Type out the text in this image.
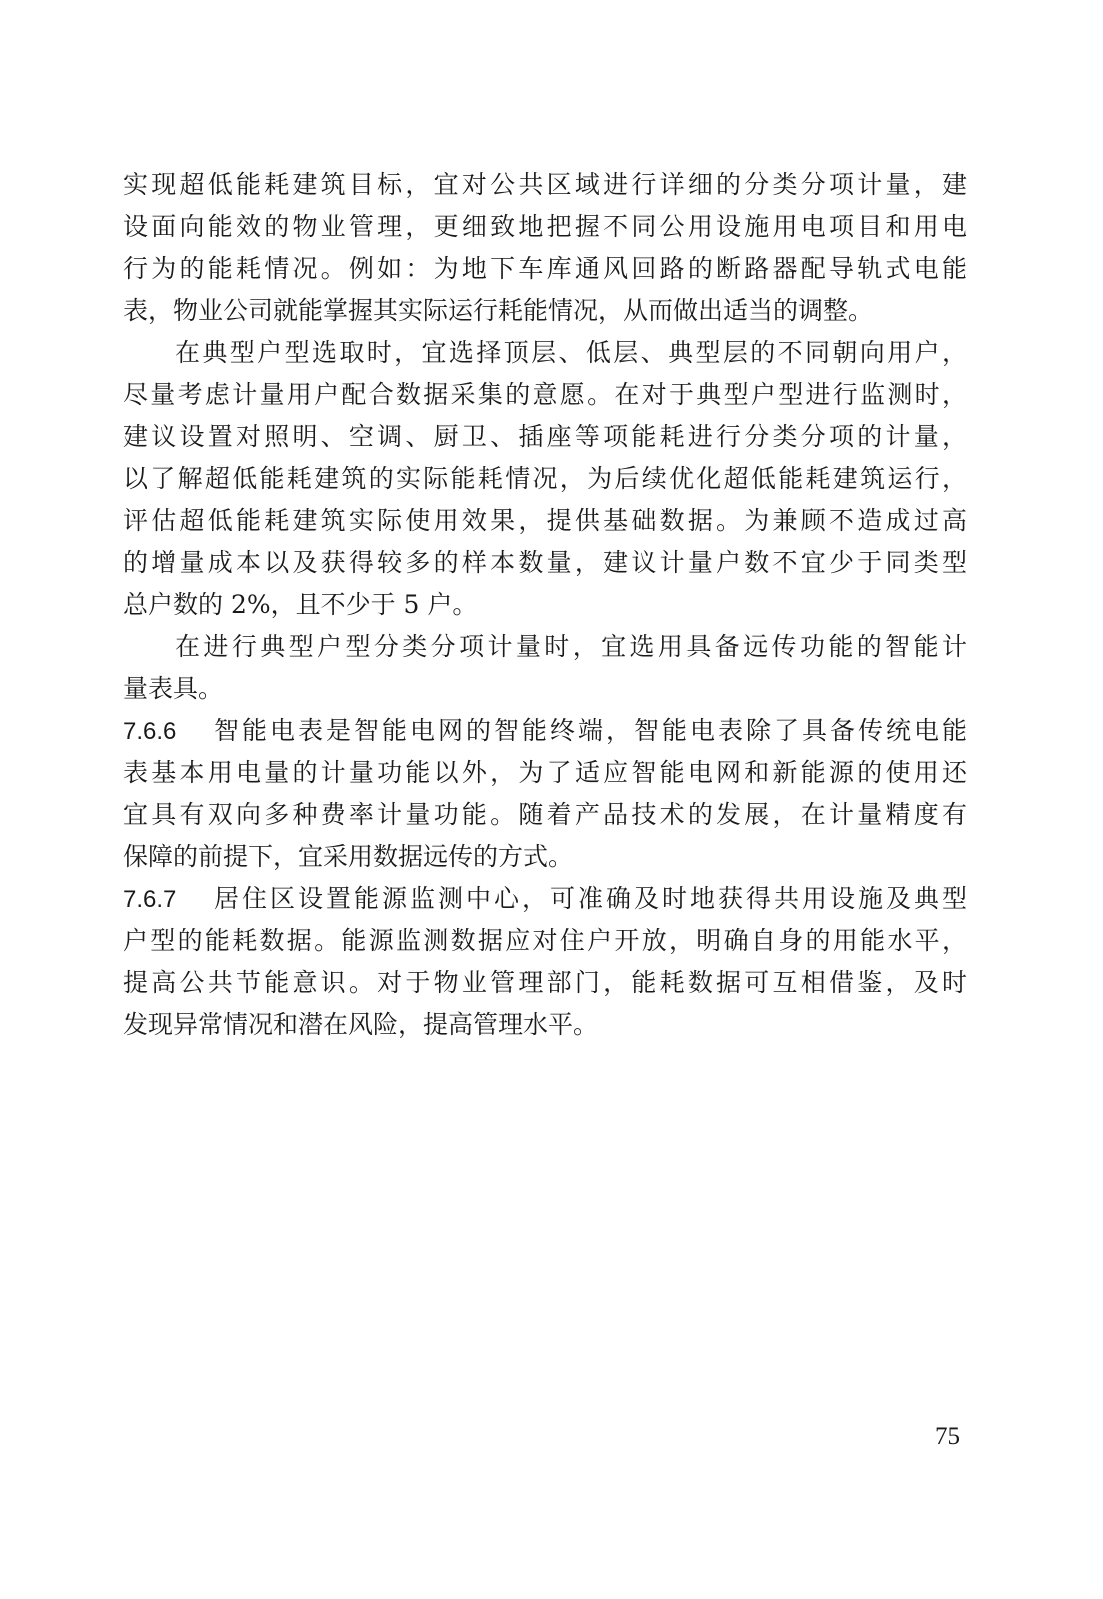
实现超低能耗建筑目标，宜对公共区域进行详细的分类分项计量，建
设面向能效的物业管理，更细致地把握不同公用设施用电项目和用电
行为的能耗情况。例如：为地下车库通风回路的断路器配导轨式电能
表，物业公司就能掌握其实际运行耗能情况，从而做出适当的调整。
在典型户型选取时，宜选择顶层、低层、典型层的不同朝向用户，
尽量考虑计量用户配合数据采集的意愿。在对于典型户型进行监测时，
建议设置对照明、空调、厨卫、插座等项能耗进行分类分项的计量，
以了解超低能耗建筑的实际能耗情况，为后续优化超低能耗建筑运行，
评估超低能耗建筑实际使用效果，提供基础数据。为兼顾不造成过高
的增量成本以及获得较多的样本数量，建议计量户数不宜少于同类型
总户数的 2%，且不少于 5 户。
在进行典型户型分类分项计量时，宜选用具备远传功能的智能计
量表具。
7.6.6 智能电表是智能电网的智能终端，智能电表除了具备传统电能
表基本用电量的计量功能以外，为了适应智能电网和新能源的使用还
宜具有双向多种费率计量功能。随着产品技术的发展，在计量精度有
保障的前提下，宜采用数据远传的方式。
7.6.7 居住区设置能源监测中心，可准确及时地获得共用设施及典型
户型的能耗数据。能源监测数据应对住户开放，明确自身的用能水平，
提高公共节能意识。对于物业管理部门，能耗数据可互相借鉴，及时
发现异常情况和潜在风险，提高管理水平。
75
